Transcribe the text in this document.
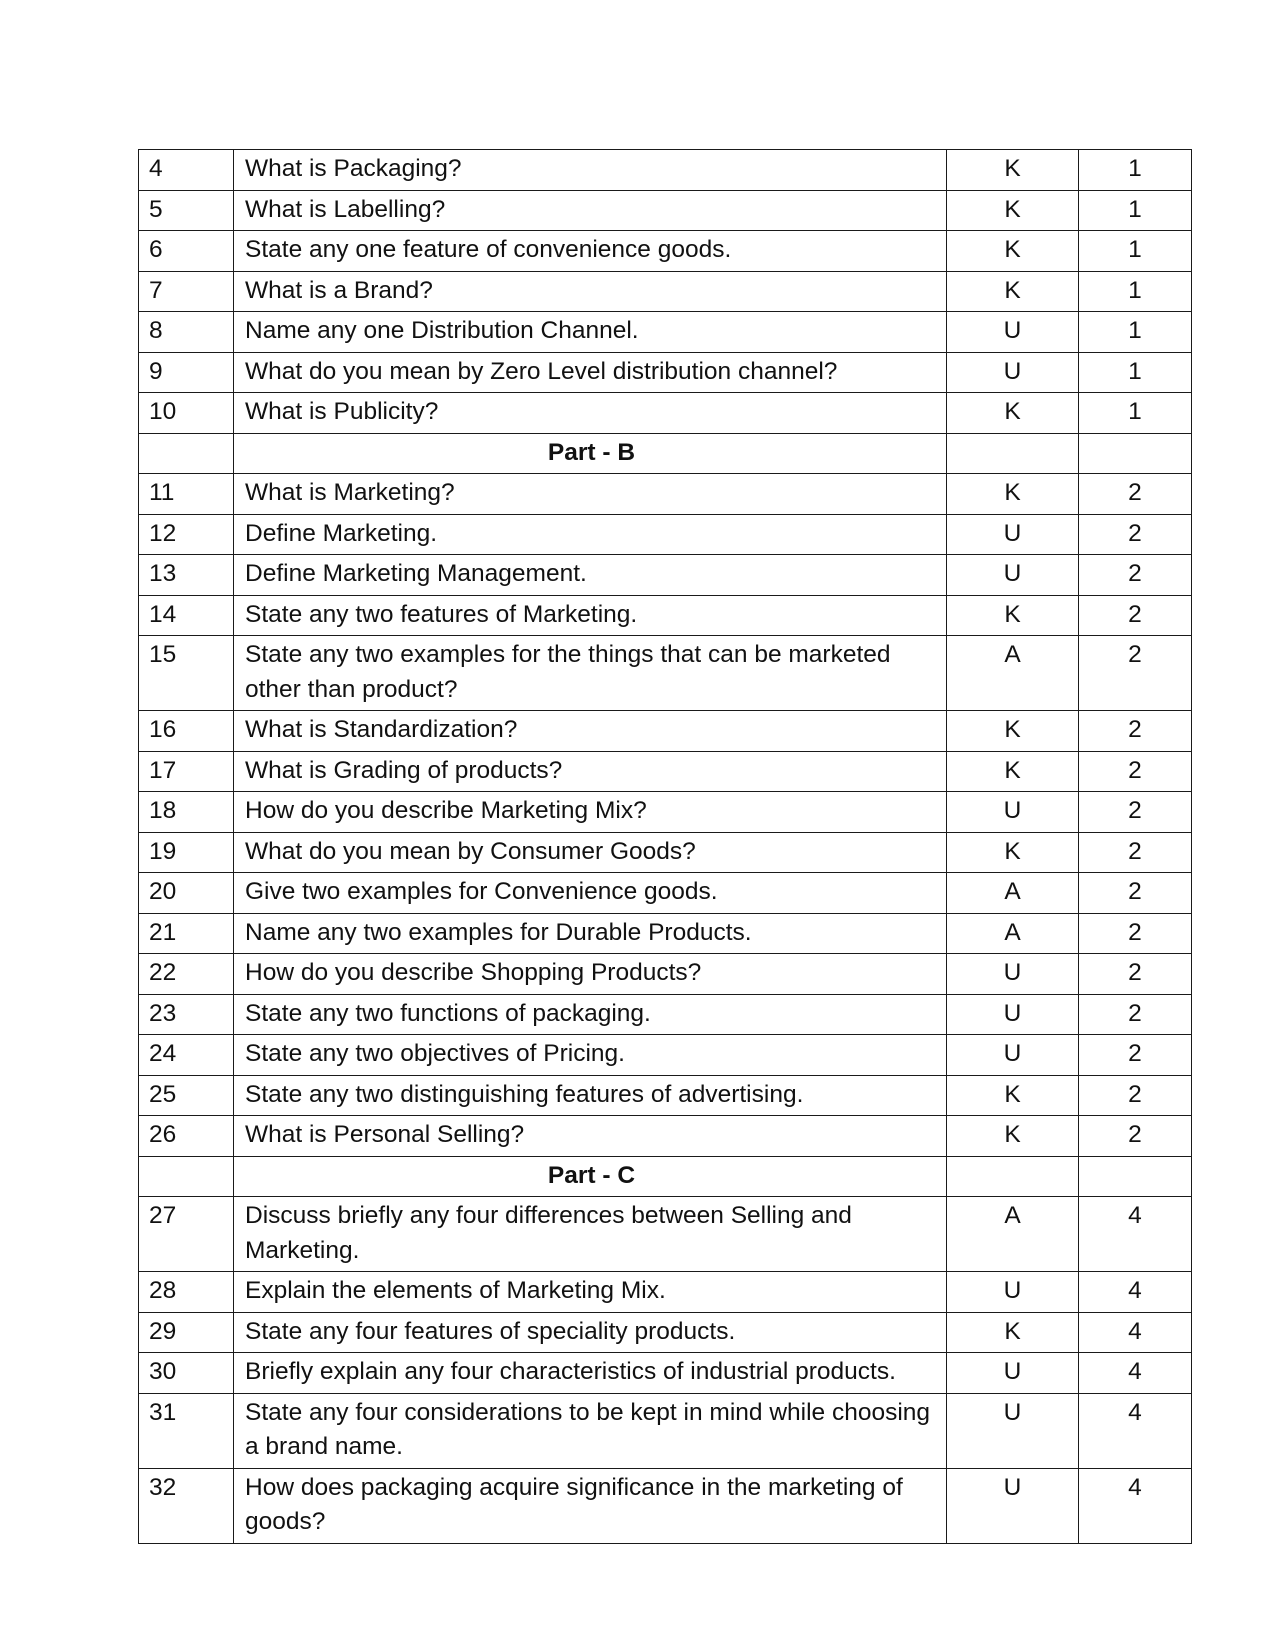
4	What is Packaging?	K	1
5	What is Labelling?	K	1
6	State any one feature of convenience goods.	K	1
7	What is a Brand?	K	1
8	Name any one Distribution Channel.	U	1
9	What do you mean by Zero Level distribution channel?	U	1
10	What is Publicity?	K	1
	Part - B		
11	What is Marketing?	K	2
12	Define Marketing.	U	2
13	Define Marketing Management.	U	2
14	State any two features of Marketing.	K	2
15	State any two examples for the things that can be marketed other than product?	A	2
16	What is Standardization?	K	2
17	What is Grading of products?	K	2
18	How do you describe Marketing Mix?	U	2
19	What do you mean by Consumer Goods?	K	2
20	Give two examples for Convenience goods.	A	2
21	Name any two examples for Durable Products.	A	2
22	How do you describe Shopping Products?	U	2
23	State any two functions of packaging.	U	2
24	State any two objectives of Pricing.	U	2
25	State any two distinguishing features of advertising.	K	2
26	What is Personal Selling?	K	2
	Part - C		
27	Discuss briefly any four differences between Selling and Marketing.	A	4
28	Explain the elements of Marketing Mix.	U	4
29	State any four features of speciality products.	K	4
30	Briefly explain any four characteristics of industrial products.	U	4
31	State any four considerations to be kept in mind while choosing a brand name.	U	4
32	How does packaging acquire significance in the marketing of goods?	U	4
